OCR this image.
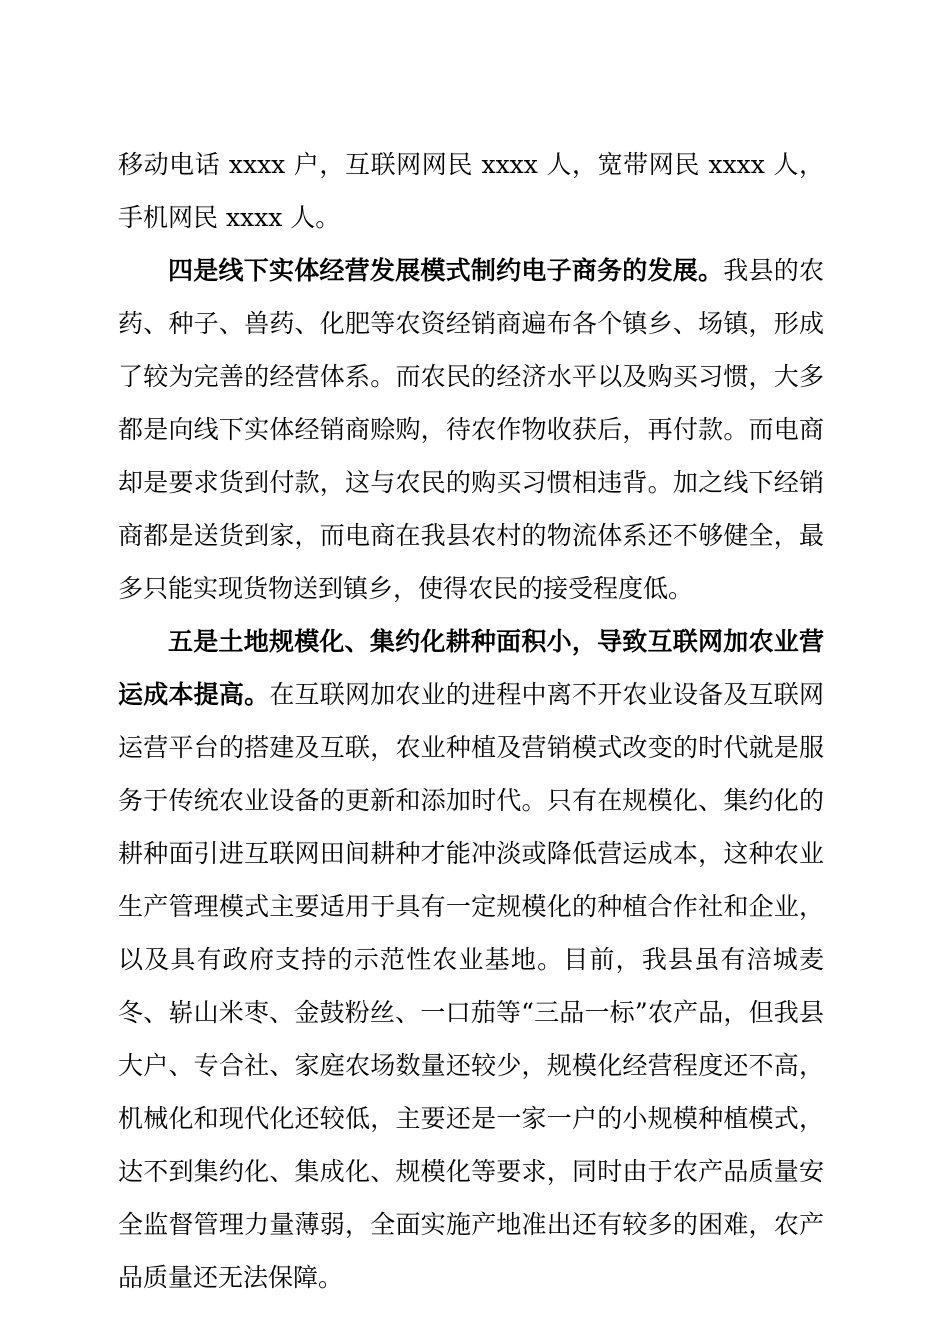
移动电话 xxxx 户，互联网网民 xxxx 人，宽带网民 xxxx 人，手机网民 xxxx 人。

四是线下实体经营发展模式制约电子商务的发展。我县的农药、种子、兽药、化肥等农资经销商遍布各个镇乡、场镇，形成了较为完善的经营体系。而农民的经济水平以及购买习惯，大多都是向线下实体经销商赊购，待农作物收获后，再付款。而电商却是要求货到付款，这与农民的购买习惯相违背。加之线下经销商都是送货到家，而电商在我县农村的物流体系还不够健全，最多只能实现货物送到镇乡，使得农民的接受程度低。

五是土地规模化、集约化耕种面积小，导致互联网加农业营运成本提高。在互联网加农业的进程中离不开农业设备及互联网运营平台的搭建及互联，农业种植及营销模式改变的时代就是服务于传统农业设备的更新和添加时代。只有在规模化、集约化的耕种面引进互联网田间耕种才能冲淡或降低营运成本，这种农业生产管理模式主要适用于具有一定规模化的种植合作社和企业，以及具有政府支持的示范性农业基地。目前，我县虽有涪城麦冬、崭山米枣、金鼓粉丝、一口茄等“三品一标”农产品，但我县大户、专合社、家庭农场数量还较少，规模化经营程度还不高，机械化和现代化还较低，主要还是一家一户的小规模种植模式，达不到集约化、集成化、规模化等要求，同时由于农产品质量安全监督管理力量薄弱，全面实施产地准出还有较多的困难，农产品质量还无法保障。
